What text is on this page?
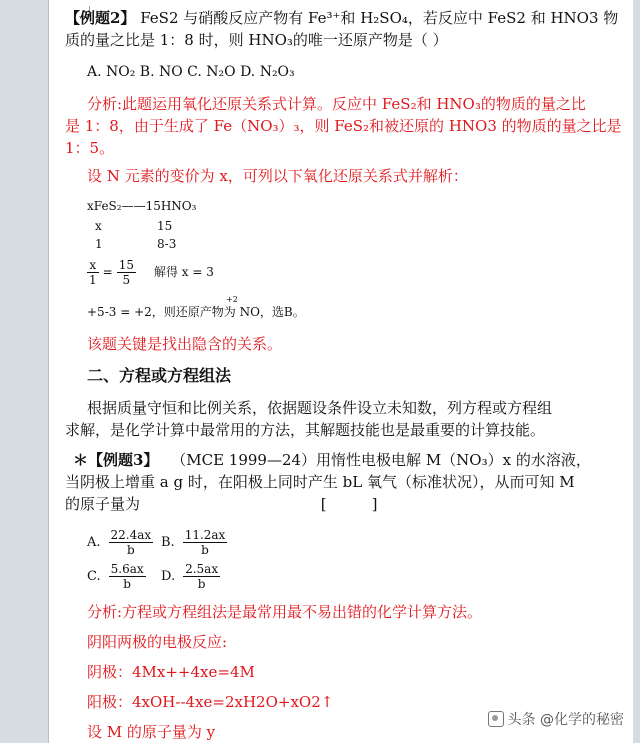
【例题2】 FeS2 与硝酸反应产物有 Fe³⁺和 H₂SO₄，若反应中 FeS2 和 HNO3 物
质的量之比是 1：8 时，则 HNO₃的唯一还原产物是（ ）
A. NO₂ B. NO C. N₂O D. N₂O₃
分析:此题运用氧化还原关系式计算。反应中 FeS₂和 HNO₃的物质的量之比
是 1：8，由于生成了 Fe（NO₃）₃，则 FeS₂和被还原的 HNO3 的物质的量之比是
1：5。
设 N 元素的变价为 x，可列以下氧化还原关系式并解析：
xFeS₂——15HNO₃
x	15
1	8-3
$\frac{x}{1} = \frac{15}{5}$ 解得 x = 3
+5-3 = +2，则还原产物为 NO，选B。
+2
该题关键是找出隐含的关系。
二、方程或方程组法
根据质量守恒和比例关系，依据题设条件设立未知数，列方程或方程组
求解，是化学计算中最常用的方法，其解题技能也是最重要的计算技能。
＊【例题3】 （MCE 1999—24）用惰性电极电解 M（NO₃）x 的水溶液，
当阴极上增重 a g 时，在阳极上同时产生 bL 氧气（标准状况），从而可知 M
的原子量为	[　　　]
A. $\frac{22.4ax}{b} B$. $\frac{11.2ax}{b}$
C. $\frac{5.6ax}{b} D$. $\frac{2.5ax}{b}$
分析:方程或方程组法是最常用最不易出错的化学计算方法。
阴阳两极的电极反应:
阴极：4Mx++4xe=4M
阳极：4xOH--4xe=2xH2O+xO2↑
设 M 的原子量为 y
头条 @化学的秘密
